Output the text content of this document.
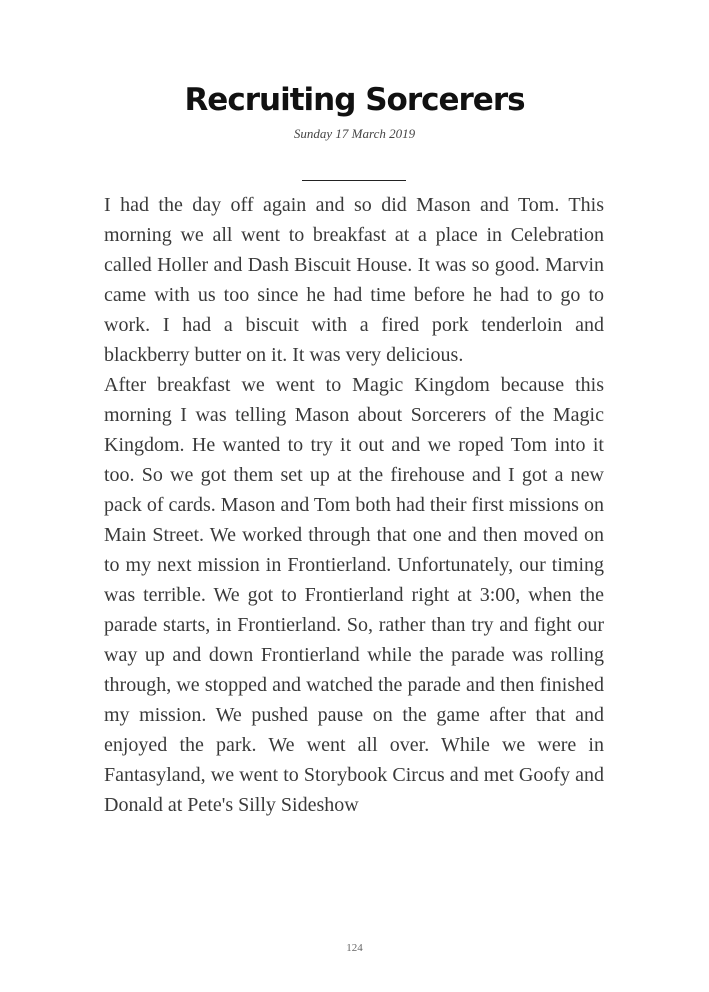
Recruiting Sorcerers
Sunday 17 March 2019

I had the day off again and so did Mason and Tom. This morning we all went to breakfast at a place in Celebration called Holler and Dash Biscuit House. It was so good. Marvin came with us too since he had time before he had to go to work. I had a biscuit with a fired pork tenderloin and blackberry butter on it. It was very delicious.

After breakfast we went to Magic Kingdom because this morning I was telling Mason about Sorcerers of the Magic Kingdom. He wanted to try it out and we roped Tom into it too. So we got them set up at the firehouse and I got a new pack of cards. Mason and Tom both had their first missions on Main Street. We worked through that one and then moved on to my next mission in Frontierland. Unfortunately, our timing was terrible. We got to Frontierland right at 3:00, when the parade starts, in Frontierland. So, rather than try and fight our way up and down Frontierland while the parade was rolling through, we stopped and watched the parade and then finished my mission. We pushed pause on the game after that and enjoyed the park. We went all over. While we were in Fantasyland, we went to Storybook Circus and met Goofy and Donald at Pete's Silly Sideshow

124
